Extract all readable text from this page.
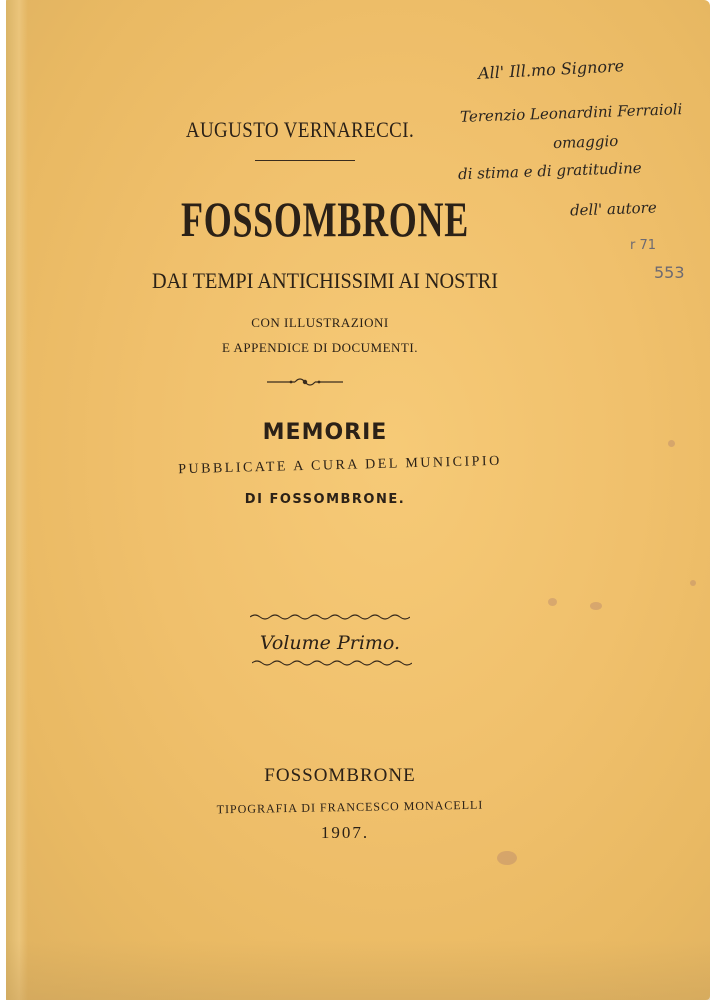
AUGUSTO VERNARECCI.
FOSSOMBRONE
DAI TEMPI ANTICHISSIMI AI NOSTRI
CON ILLUSTRAZIONI
E APPENDICE DI DOCUMENTI.
MEMORIE
PUBBLICATE A CURA DEL MUNICIPIO
DI FOSSOMBRONE.
Volume Primo.
FOSSOMBRONE
TIPOGRAFIA DI FRANCESCO MONACELLI
1907.
All' Ill.mo Signore
Terenzio Leonardini Ferraioli
omaggio
di stima e di gratitudine
dell' autore
r 71
553
